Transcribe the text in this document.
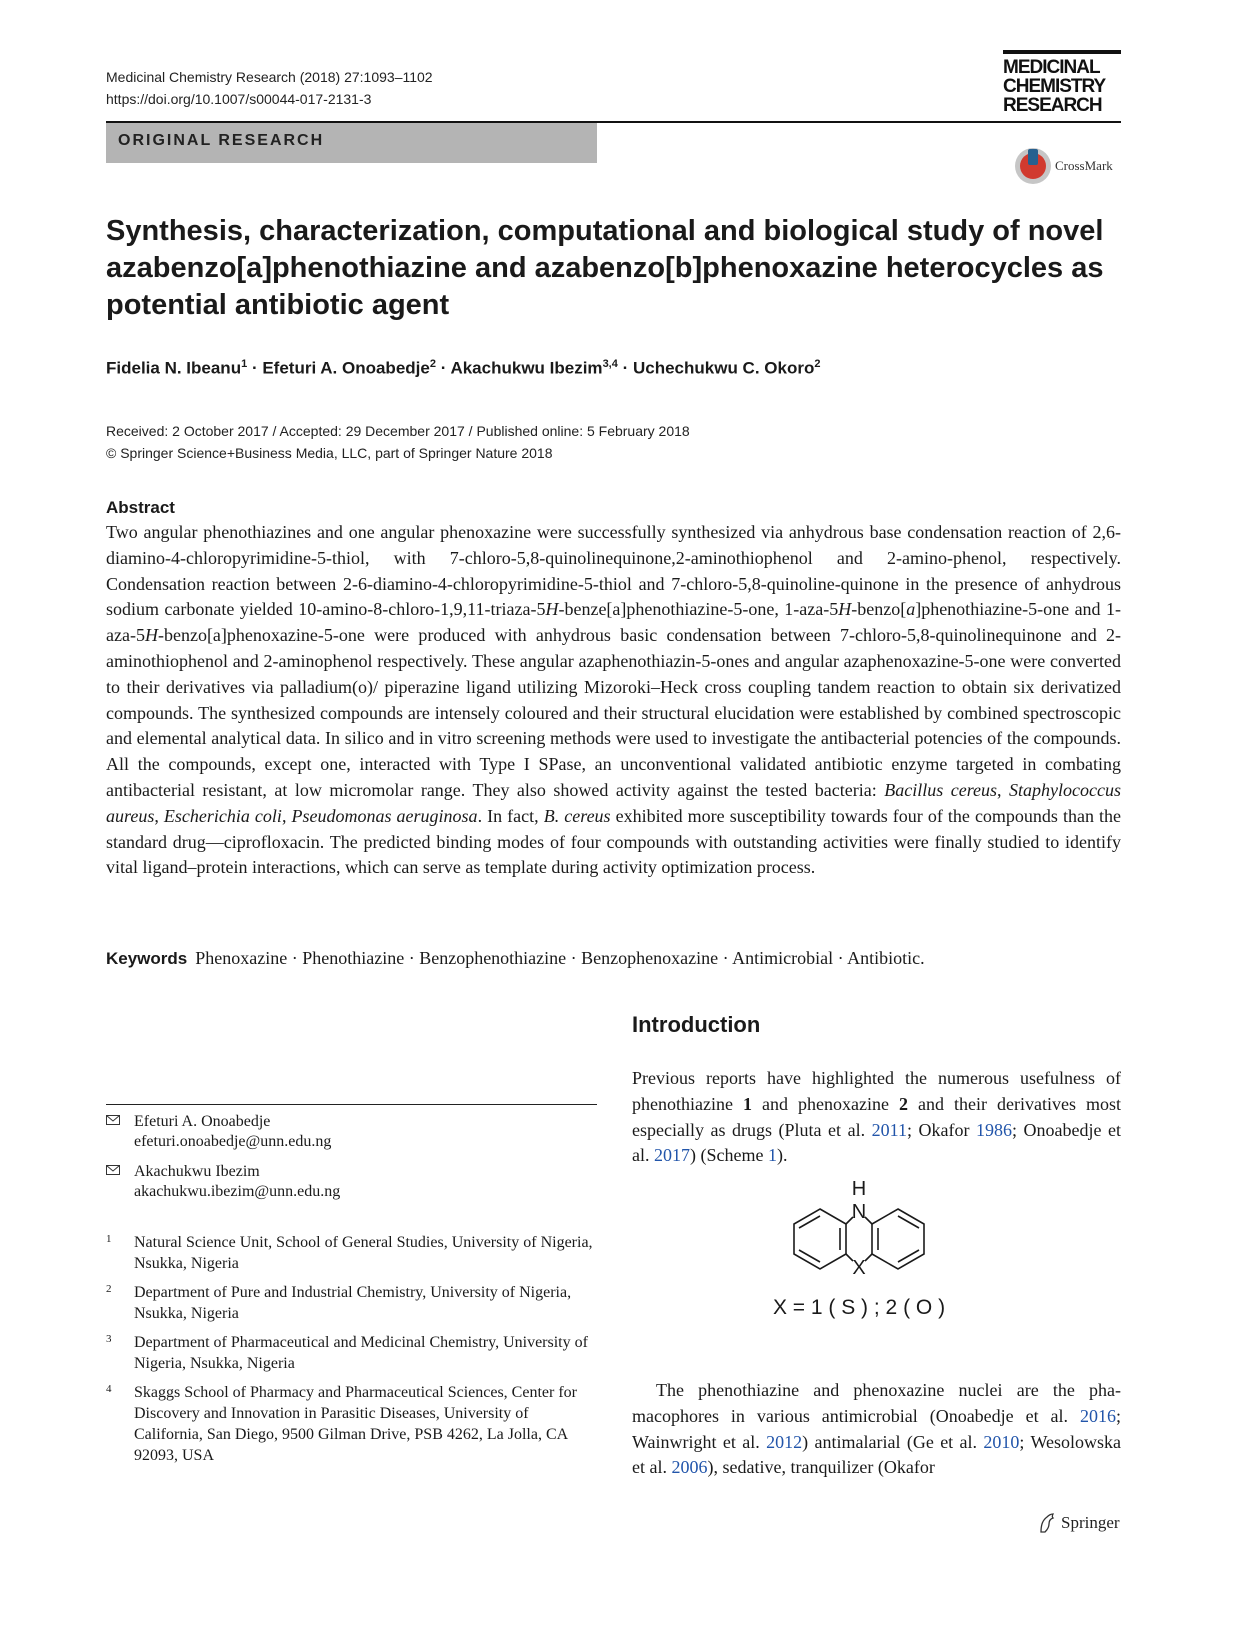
Medicinal Chemistry Research (2018) 27:1093–1102
https://doi.org/10.1007/s00044-017-2131-3
MEDICINAL
CHEMISTRY
RESEARCH
ORIGINAL RESEARCH
CrossMark
Synthesis, characterization, computational and biological study of novel azabenzo[a]phenothiazine and azabenzo[b]phenoxazine heterocycles as potential antibiotic agent
Fidelia N. Ibeanu$^1$ · Efeturi A. Onoabedje$^2$ · Akachukwu Ibezim$^{3,4}$ · Uchechukwu C. Okoro$^2$
Received: 2 October 2017 / Accepted: 29 December 2017 / Published online: 5 February 2018
© Springer Science+Business Media, LLC, part of Springer Nature 2018
Abstract
Two angular phenothiazines and one angular phenoxazine were successfully synthesized via anhydrous base condensation reaction of 2,6-diamino-4-chloropyrimidine-5-thiol, with 7-chloro-5,8-quinolinequinone,2-aminothiophenol and 2-amino-phenol, respectively. Condensation reaction between 2-6-diamino-4-chloropyrimidine-5-thiol and 7-chloro-5,8-quinoline-quinone in the presence of anhydrous sodium carbonate yielded 10-amino-8-chloro-1,9,11-triaza-5H-benze[a]phenothiazine-5-one, 1-aza-5H-benzo[a]phenothiazine-5-one and 1-aza-5H-benzo[a]phenoxazine-5-one were produced with anhydrous basic condensation between 7-chloro-5,8-quinolinequinone and 2-aminothiophenol and 2-aminophenol respectively. These angular azaphenothiazin-5-ones and angular azaphenoxazine-5-one were converted to their derivatives via palladium(o)/ piperazine ligand utilizing Mizoroki–Heck cross coupling tandem reaction to obtain six derivatized compounds. The synthesized compounds are intensely coloured and their structural elucidation were established by combined spectroscopic and elemental analytical data. In silico and in vitro screening methods were used to investigate the antibacterial potencies of the compounds. All the compounds, except one, interacted with Type I SPase, an unconventional validated antibiotic enzyme targeted in combating antibacterial resistant, at low micromolar range. They also showed activity against the tested bacteria: Bacillus cereus, Staphylococcus aureus, Escherichia coli, Pseudomonas aeruginosa. In fact, B. cereus exhibited more susceptibility towards four of the compounds than the standard drug—ciprofloxacin. The predicted binding modes of four compounds with outstanding activities were finally studied to identify vital ligand–protein interactions, which can serve as template during activity optimization process.
Keywords Phenoxazine · Phenothiazine · Benzophenothiazine · Benzophenoxazine · Antimicrobial · Antibiotic.
Introduction
Previous reports have highlighted the numerous usefulness of phenothiazine 1 and phenoxazine 2 and their derivatives most especially as drugs (Pluta et al. 2011; Okafor 1986; Onoabedje et al. 2017) (Scheme 1).
H
N
X
X = 1 ( S ) ; 2 ( O )
The phenothiazine and phenoxazine nuclei are the pha-macophores in various antimicrobial (Onoabedje et al. 2016; Wainwright et al. 2012) antimalarial (Ge et al. 2010; Wesolowska et al. 2006), sedative, tranquilizer (Okafor
Efeturi A. Onoabedje
efeturi.onoabedje@unn.edu.ng
Akachukwu Ibezim
akachukwu.ibezim@unn.edu.ng
1 Natural Science Unit, School of General Studies, University of Nigeria, Nsukka, Nigeria
2 Department of Pure and Industrial Chemistry, University of Nigeria, Nsukka, Nigeria
3 Department of Pharmaceutical and Medicinal Chemistry, University of Nigeria, Nsukka, Nigeria
4 Skaggs School of Pharmacy and Pharmaceutical Sciences, Center for Discovery and Innovation in Parasitic Diseases, University of California, San Diego, 9500 Gilman Drive, PSB 4262, La Jolla, CA 92093, USA
Springer
